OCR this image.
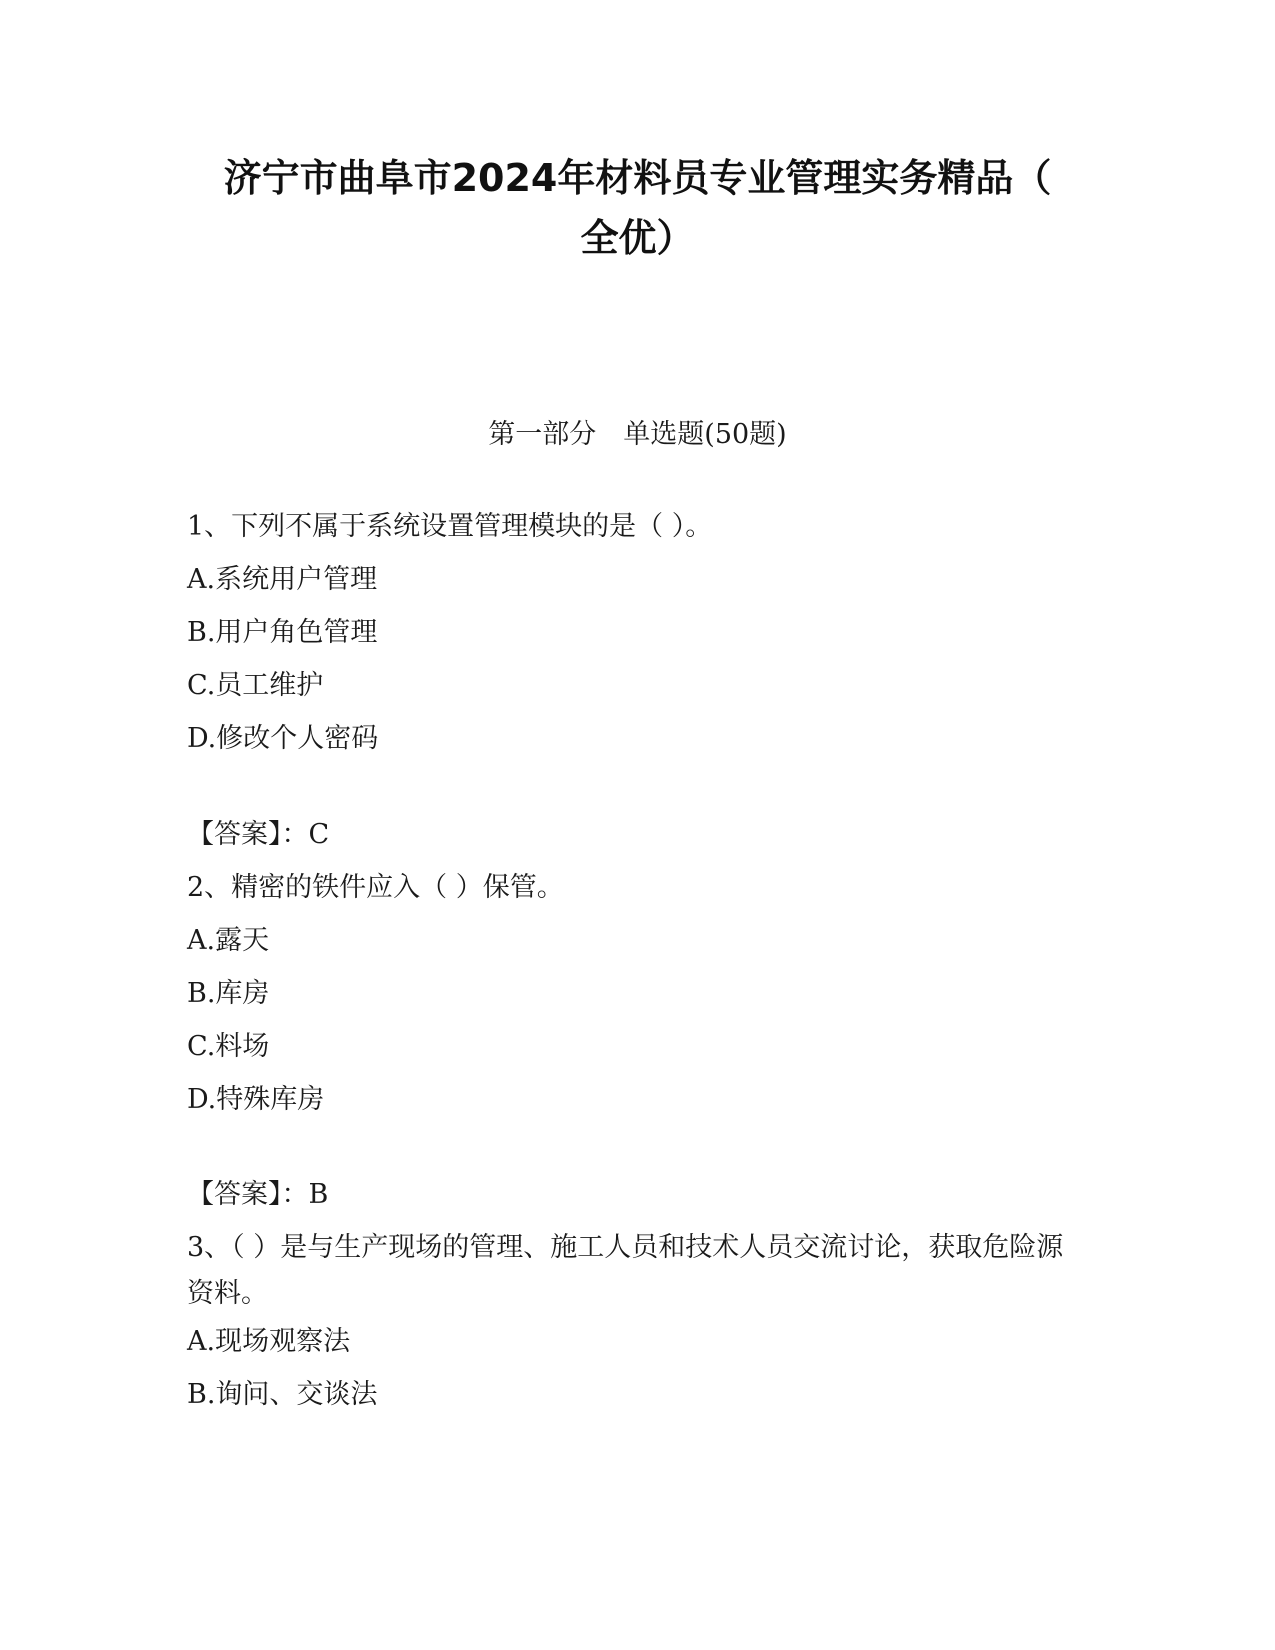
济宁市曲阜市2024年材料员专业管理实务精品（
全优）
第一部分　单选题(50题)
1、下列不属于系统设置管理模块的是（ ）。
A.系统用户管理
B.用户角色管理
C.员工维护
D.修改个人密码
【答案】：C
2、精密的铁件应入（ ）保管。
A.露天
B.库房
C.料场
D.特殊库房
【答案】：B
3、（ ）是与生产现场的管理、施工人员和技术人员交流讨论，获取危险源资料。
A.现场观察法
B.询问、交谈法
